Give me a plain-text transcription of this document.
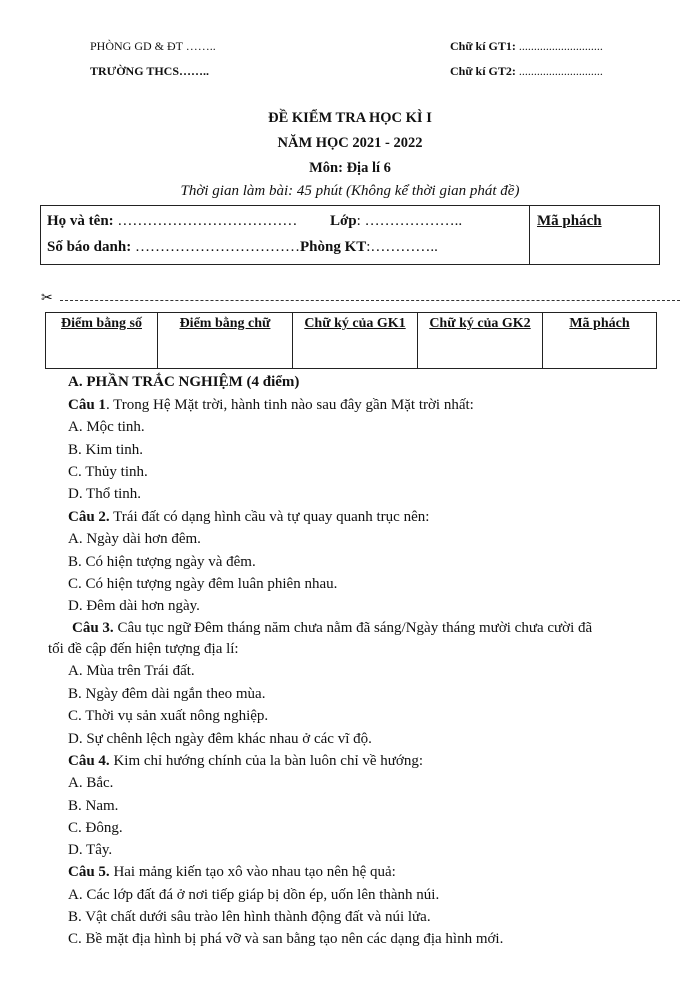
PHÒNG GD & ĐT ……..
TRƯỜNG THCS……..
Chữ kí GT1: ............................
Chữ kí GT2: ............................
ĐỀ KIỂM TRA HỌC KÌ I
NĂM HỌC 2021 - 2022
Môn: Địa lí 6
Thời gian làm bài: 45 phút (Không kể thời gian phát đề)
Họ và tên: ……………………………… Lớp: ………………..
Số báo danh: ……………………………Phòng KT:…………..
Mã phách
✂
Điểm bằng số	Điểm bằng chữ	Chữ ký của GK1	Chữ ký của GK2	Mã phách
A. PHẦN TRẮC NGHIỆM (4 điểm)
Câu 1. Trong Hệ Mặt trời, hành tinh nào sau đây gần Mặt trời nhất:
A. Mộc tinh.
B. Kim tinh.
C. Thủy tinh.
D. Thổ tinh.
Câu 2. Trái đất có dạng hình cầu và tự quay quanh trục nên:
A. Ngày dài hơn đêm.
B. Có hiện tượng ngày và đêm.
C. Có hiện tượng ngày đêm luân phiên nhau.
D. Đêm dài hơn ngày.
Câu 3. Câu tục ngữ Đêm tháng năm chưa nằm đã sáng/Ngày tháng mười chưa cười đã
tối đề cập đến hiện tượng địa lí:
A. Mùa trên Trái đất.
B. Ngày đêm dài ngắn theo mùa.
C. Thời vụ sản xuất nông nghiệp.
D. Sự chênh lệch ngày đêm khác nhau ở các vĩ độ.
Câu 4. Kim chỉ hướng chính của la bàn luôn chỉ về hướng:
A. Bắc.
B. Nam.
C. Đông.
D. Tây.
Câu 5. Hai mảng kiến tạo xô vào nhau tạo nên hệ quả:
A. Các lớp đất đá ở nơi tiếp giáp bị dồn ép, uốn lên thành núi.
B. Vật chất dưới sâu trào lên hình thành động đất và núi lửa.
C. Bề mặt địa hình bị phá vỡ và san bằng tạo nên các dạng địa hình mới.
